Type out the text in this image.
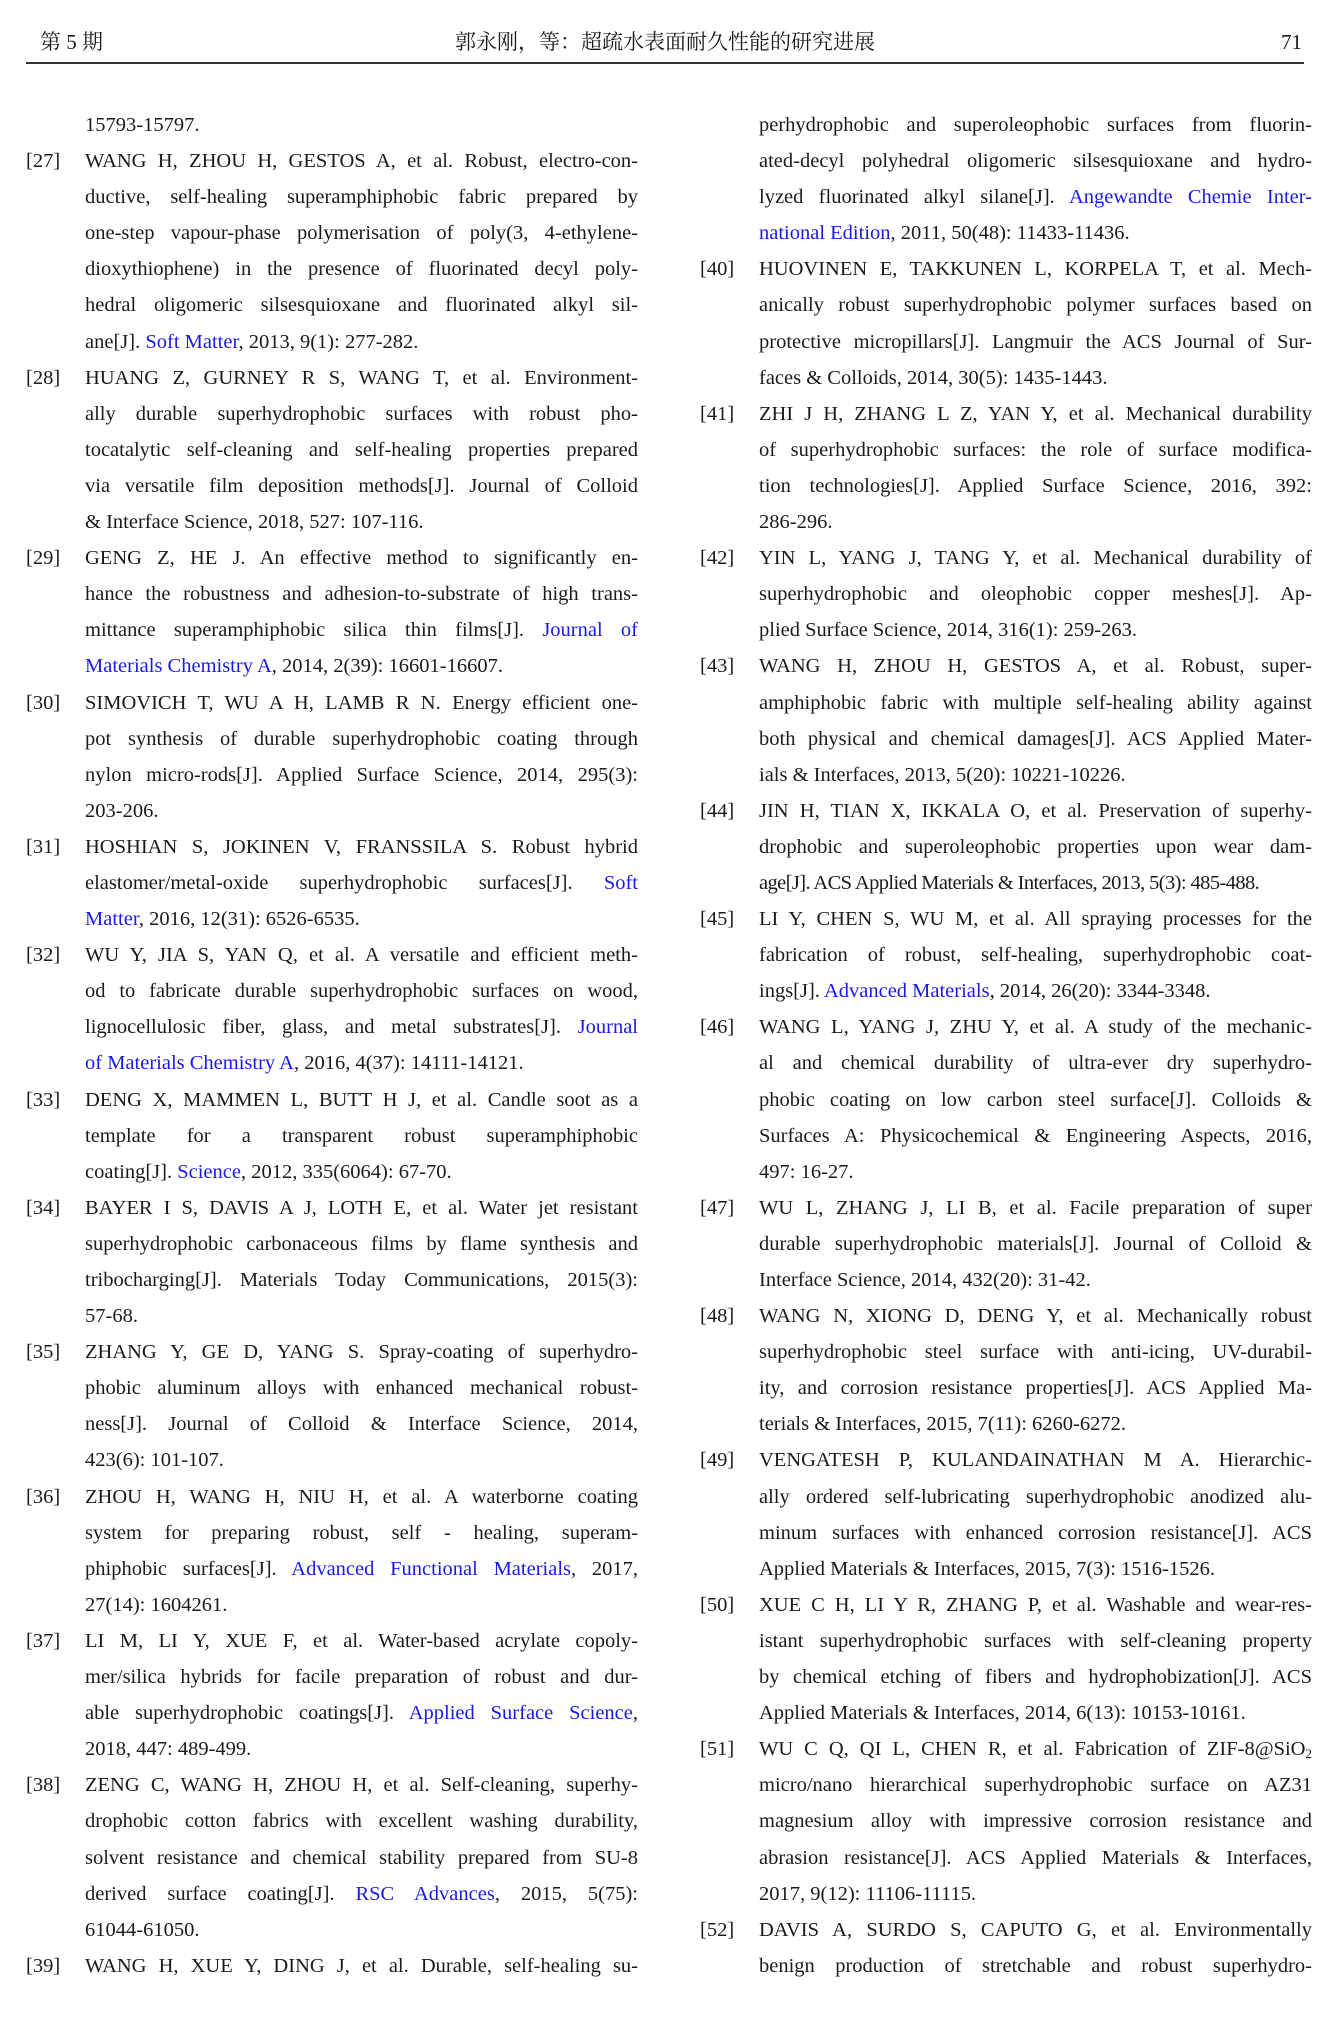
第 5 期	郭永刚，等：超疏水表面耐久性能的研究进展	71
15793-15797.
[27] WANG H, ZHOU H, GESTOS A, et al. Robust, electro-con-
ductive, self-healing superamphiphobic fabric prepared by
one-step vapour-phase polymerisation of poly(3, 4-ethylene-
dioxythiophene) in the presence of fluorinated decyl poly-
hedral oligomeric silsesquioxane and fluorinated alkyl sil-
ane[J]. Soft Matter, 2013, 9(1): 277-282.
[28] HUANG Z, GURNEY R S, WANG T, et al. Environment-
ally durable superhydrophobic surfaces with robust pho-
tocatalytic self-cleaning and self-healing properties prepared
via versatile film deposition methods[J]. Journal of Colloid
& Interface Science, 2018, 527: 107-116.
[29] GENG Z, HE J. An effective method to significantly en-
hance the robustness and adhesion-to-substrate of high trans-
mittance superamphiphobic silica thin films[J]. Journal of
Materials Chemistry A, 2014, 2(39): 16601-16607.
[30] SIMOVICH T, WU A H, LAMB R N. Energy efficient one-
pot synthesis of durable superhydrophobic coating through
nylon micro-rods[J]. Applied Surface Science, 2014, 295(3):
203-206.
[31] HOSHIAN S, JOKINEN V, FRANSSILA S. Robust hybrid
elastomer/metal-oxide superhydrophobic surfaces[J]. Soft
Matter, 2016, 12(31): 6526-6535.
[32] WU Y, JIA S, YAN Q, et al. A versatile and efficient meth-
od to fabricate durable superhydrophobic surfaces on wood,
lignocellulosic fiber, glass, and metal substrates[J]. Journal
of Materials Chemistry A, 2016, 4(37): 14111-14121.
[33] DENG X, MAMMEN L, BUTT H J, et al. Candle soot as a
template for a transparent robust superamphiphobic
coating[J]. Science, 2012, 335(6064): 67-70.
[34] BAYER I S, DAVIS A J, LOTH E, et al. Water jet resistant
superhydrophobic carbonaceous films by flame synthesis and
tribocharging[J]. Materials Today Communications, 2015(3):
57-68.
[35] ZHANG Y, GE D, YANG S. Spray-coating of superhydro-
phobic aluminum alloys with enhanced mechanical robust-
ness[J]. Journal of Colloid & Interface Science, 2014,
423(6): 101-107.
[36] ZHOU H, WANG H, NIU H, et al. A waterborne coating
system for preparing robust, self - healing, superam-
phiphobic surfaces[J]. Advanced Functional Materials, 2017,
27(14): 1604261.
[37] LI M, LI Y, XUE F, et al. Water-based acrylate copoly-
mer/silica hybrids for facile preparation of robust and dur-
able superhydrophobic coatings[J]. Applied Surface Science,
2018, 447: 489-499.
[38] ZENG C, WANG H, ZHOU H, et al. Self-cleaning, superhy-
drophobic cotton fabrics with excellent washing durability,
solvent resistance and chemical stability prepared from SU-8
derived surface coating[J]. RSC Advances, 2015, 5(75):
61044-61050.
[39] WANG H, XUE Y, DING J, et al. Durable, self-healing su-
perhydrophobic and superoleophobic surfaces from fluorin-
ated-decyl polyhedral oligomeric silsesquioxane and hydro-
lyzed fluorinated alkyl silane[J]. Angewandte Chemie Inter-
national Edition, 2011, 50(48): 11433-11436.
[40] HUOVINEN E, TAKKUNEN L, KORPELA T, et al. Mech-
anically robust superhydrophobic polymer surfaces based on
protective micropillars[J]. Langmuir the ACS Journal of Sur-
faces & Colloids, 2014, 30(5): 1435-1443.
[41] ZHI J H, ZHANG L Z, YAN Y, et al. Mechanical durability
of superhydrophobic surfaces: the role of surface modifica-
tion technologies[J]. Applied Surface Science, 2016, 392:
286-296.
[42] YIN L, YANG J, TANG Y, et al. Mechanical durability of
superhydrophobic and oleophobic copper meshes[J]. Ap-
plied Surface Science, 2014, 316(1): 259-263.
[43] WANG H, ZHOU H, GESTOS A, et al. Robust, super-
amphiphobic fabric with multiple self-healing ability against
both physical and chemical damages[J]. ACS Applied Mater-
ials & Interfaces, 2013, 5(20): 10221-10226.
[44] JIN H, TIAN X, IKKALA O, et al. Preservation of superhy-
drophobic and superoleophobic properties upon wear dam-
age[J]. ACS Applied Materials & Interfaces, 2013, 5(3): 485-488.
[45] LI Y, CHEN S, WU M, et al. All spraying processes for the
fabrication of robust, self-healing, superhydrophobic coat-
ings[J]. Advanced Materials, 2014, 26(20): 3344-3348.
[46] WANG L, YANG J, ZHU Y, et al. A study of the mechanic-
al and chemical durability of ultra-ever dry superhydro-
phobic coating on low carbon steel surface[J]. Colloids &
Surfaces A: Physicochemical & Engineering Aspects, 2016,
497: 16-27.
[47] WU L, ZHANG J, LI B, et al. Facile preparation of super
durable superhydrophobic materials[J]. Journal of Colloid &
Interface Science, 2014, 432(20): 31-42.
[48] WANG N, XIONG D, DENG Y, et al. Mechanically robust
superhydrophobic steel surface with anti-icing, UV-durabil-
ity, and corrosion resistance properties[J]. ACS Applied Ma-
terials & Interfaces, 2015, 7(11): 6260-6272.
[49] VENGATESH P, KULANDAINATHAN M A. Hierarchic-
ally ordered self-lubricating superhydrophobic anodized alu-
minum surfaces with enhanced corrosion resistance[J]. ACS
Applied Materials & Interfaces, 2015, 7(3): 1516-1526.
[50] XUE C H, LI Y R, ZHANG P, et al. Washable and wear-res-
istant superhydrophobic surfaces with self-cleaning property
by chemical etching of fibers and hydrophobization[J]. ACS
Applied Materials & Interfaces, 2014, 6(13): 10153-10161.
[51] WU C Q, QI L, CHEN R, et al. Fabrication of ZIF-8@SiO$_2$
micro/nano hierarchical superhydrophobic surface on AZ31
magnesium alloy with impressive corrosion resistance and
abrasion resistance[J]. ACS Applied Materials & Interfaces,
2017, 9(12): 11106-11115.
[52] DAVIS A, SURDO S, CAPUTO G, et al. Environmentally
benign production of stretchable and robust superhydro-
